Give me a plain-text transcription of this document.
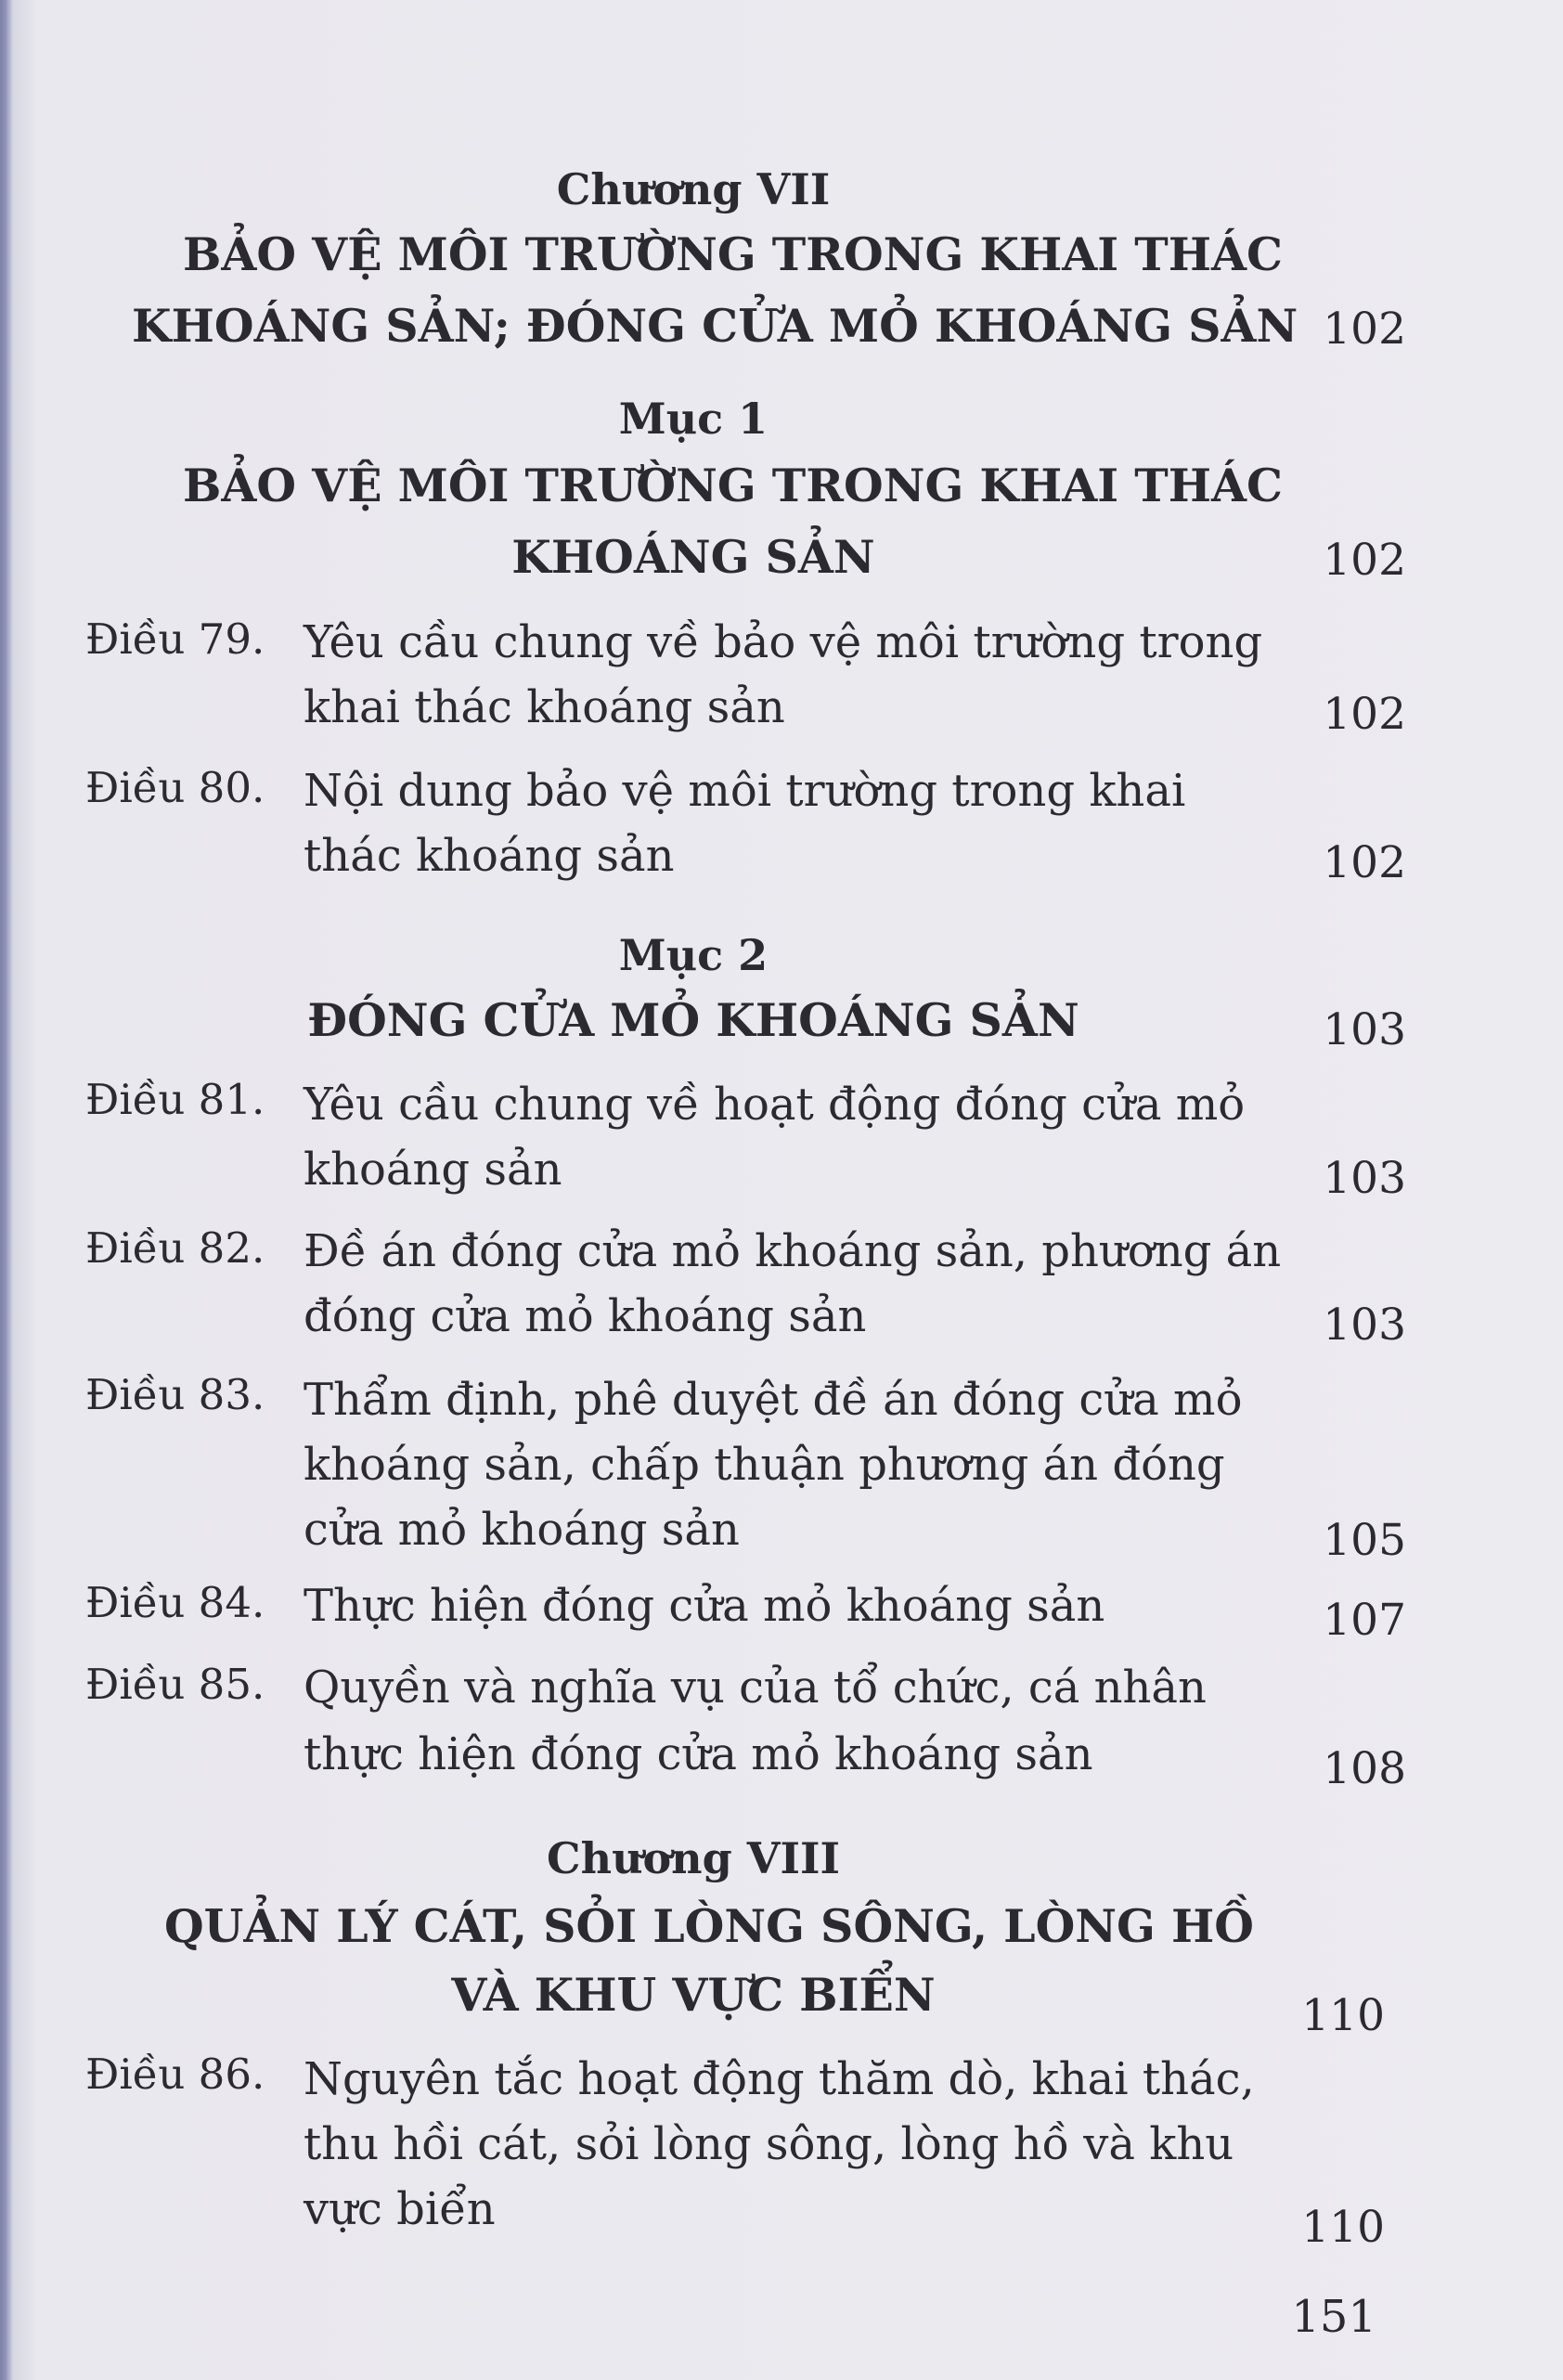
Chương VII
BẢO VỆ MÔI TRƯỜNG TRONG KHAI THÁC
KHOÁNG SẢN; ĐÓNG CỬA MỎ KHOÁNG SẢN 102
Mục 1
BẢO VỆ MÔI TRƯỜNG TRONG KHAI THÁC
KHOÁNG SẢN	102
Điều 79. Yêu cầu chung về bảo vệ môi trường trong
khai thác khoáng sản	102
Điều 80. Nội dung bảo vệ môi trường trong khai
thác khoáng sản	102
Mục 2
ĐÓNG CỬA MỎ KHOÁNG SẢN	103
Điều 81. Yêu cầu chung về hoạt động đóng cửa mỏ
khoáng sản	103
Điều 82. Đề án đóng cửa mỏ khoáng sản, phương án
đóng cửa mỏ khoáng sản	103
Điều 83. Thẩm định, phê duyệt đề án đóng cửa mỏ
khoáng sản, chấp thuận phương án đóng
cửa mỏ khoáng sản	105
Điều 84. Thực hiện đóng cửa mỏ khoáng sản	107
Điều 85. Quyền và nghĩa vụ của tổ chức, cá nhân
thực hiện đóng cửa mỏ khoáng sản	108
Chương VIII
QUẢN LÝ CÁT, SỎI LÒNG SÔNG, LÒNG HỒ
VÀ KHU VỰC BIỂN	110
Điều 86. Nguyên tắc hoạt động thăm dò, khai thác,
thu hồi cát, sỏi lòng sông, lòng hồ và khu
vực biển	110
151
